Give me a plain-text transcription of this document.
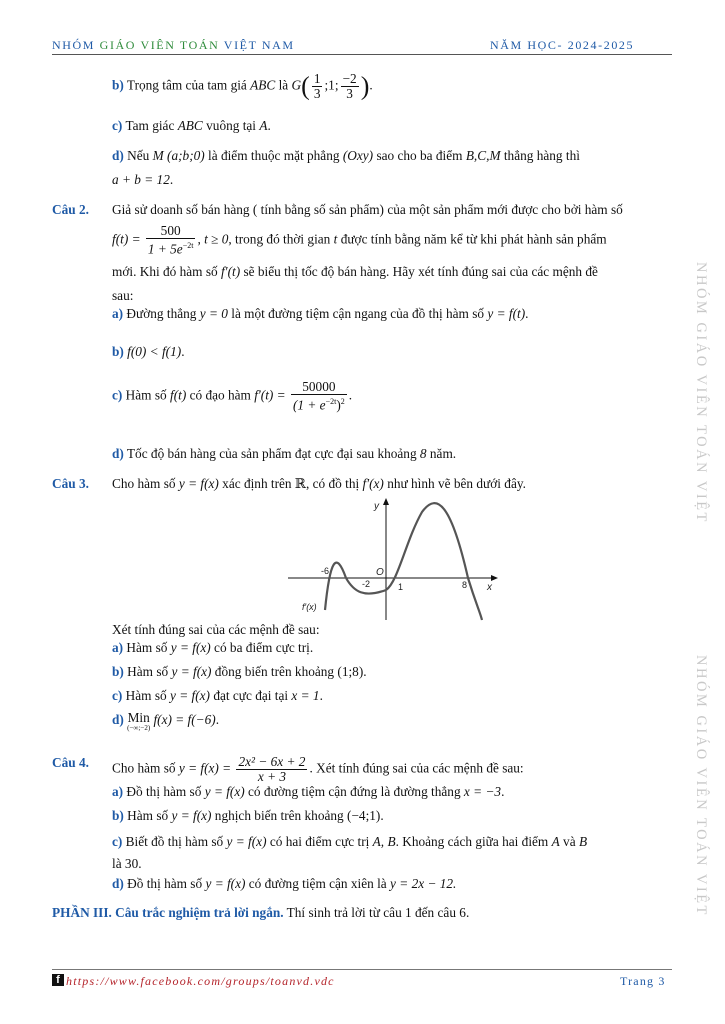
NHÓM GIÁO VIÊN TOÁN VIỆT NAM	NĂM HỌC- 2024-2025
b) Trọng tâm của tam giá ABC là $G( \frac{1}{3}$ ;1; $\frac{-2}{3}$ ).
c) Tam giác ABC vuông tại A.
d) Nếu M (a;b;0) là điểm thuộc mặt phẳng (Oxy) sao cho ba điểm B,C,M thẳng hàng thì
a + b = 12.
Câu 2. Giả sử doanh số bán hàng ( tính bằng số sản phẩm) của một sản phẩm mới được cho bởi hàm số
$f(t) = \frac{500}{1 + 5e^{-2t}}$ , t ≥ 0, trong đó thời gian t được tính bằng năm kể từ khi phát hành sản phẩm
mới. Khi đó hàm số f′(t) sẽ biểu thị tốc độ bán hàng. Hãy xét tính đúng sai của các mệnh đề
sau:
a) Đường thẳng y = 0 là một đường tiệm cận ngang của đồ thị hàm số y = f(t).
b) f(0) < f(1).
c) Hàm số f(t) có đạo hàm $f'(t) = \frac{50000}{(1 + e^{-2t})^2}$ .
d) Tốc độ bán hàng của sản phẩm đạt cực đại sau khoảng 8 năm.
Câu 3. Cho hàm số y = f(x) xác định trên ℝ, có đồ thị f′(x) như hình vẽ bên dưới đây.
y
x
O
-6
-2	1	8
f′(x)
Xét tính đúng sai của các mệnh đề sau:
a) Hàm số y = f(x) có ba điểm cực trị.
b) Hàm số y = f(x) đồng biến trên khoảng (1;8).
c) Hàm số y = f(x) đạt cực đại tại x = 1.
d) Min
(−∞;−2)
f(x) = f(−6).
Câu 4. Cho hàm số $y = f(x) = \frac{\text{2x² − 6x + 2}}{x + 3}$ . Xét tính đúng sai của các mệnh đề sau:
a) Đồ thị hàm số y = f(x) có đường tiệm cận đứng là đường thẳng x = −3.
b) Hàm số y = f(x) nghịch biến trên khoảng (−4;1).
c) Biết đồ thị hàm số y = f(x) có hai điểm cực trị A, B. Khoảng cách giữa hai điểm A và B
là 30.
d) Đồ thị hàm số y = f(x) có đường tiệm cận xiên là y = 2x − 12.
PHẦN III. Câu trắc nghiệm trả lời ngắn. Thí sinh trả lời từ câu 1 đến câu 6.
NHÓM GIÁO VIÊN TOÁN VIỆT
NHÓM GIÁO VIÊN TOÁN VIỆT
f https://www.facebook.com/groups/toanvd.vdc	Trang 3
